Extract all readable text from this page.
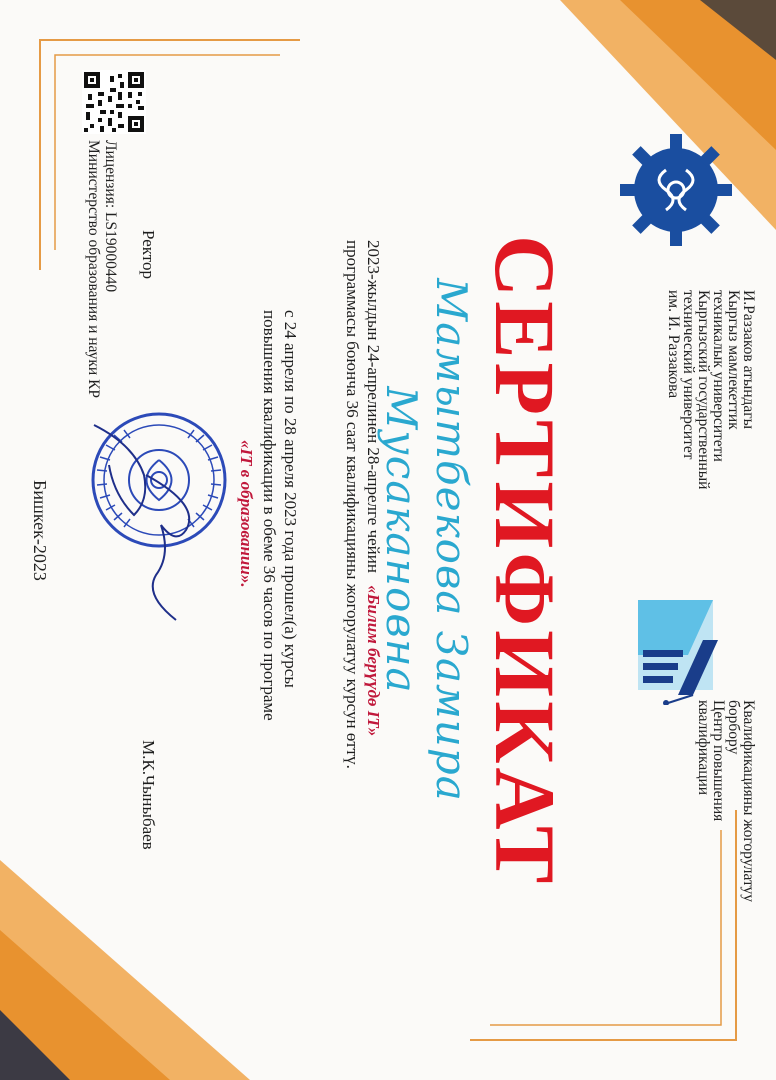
И.Раззаков атындагы
Кыргыз мамлекеттик
техникалык университети
Кыргызский государственный
технический университет
им. И. Раззакова
Квалификацияны жогорулатуу
борбору
Центр повышения
квалификации
СЕРТИФИКАТ
Мамытбекова Замира Мусакановна
2023-жылдын 24-апрелинен 28-апрелге чейин «Билим берүүдө IT»
программасы боюнча 36 саат квалификацияны жогорулатуу курсун өттү.
с 24 апреля по 28 апреля 2023 года прошел(а) курсы
повышения квалификации в обеме 36 часов по програме
«IT в образовании».
Ректор
М.К.Чыныбаев
Лицензия: LS19000440
Министерство образования и науки КР
Бишкек-2023
